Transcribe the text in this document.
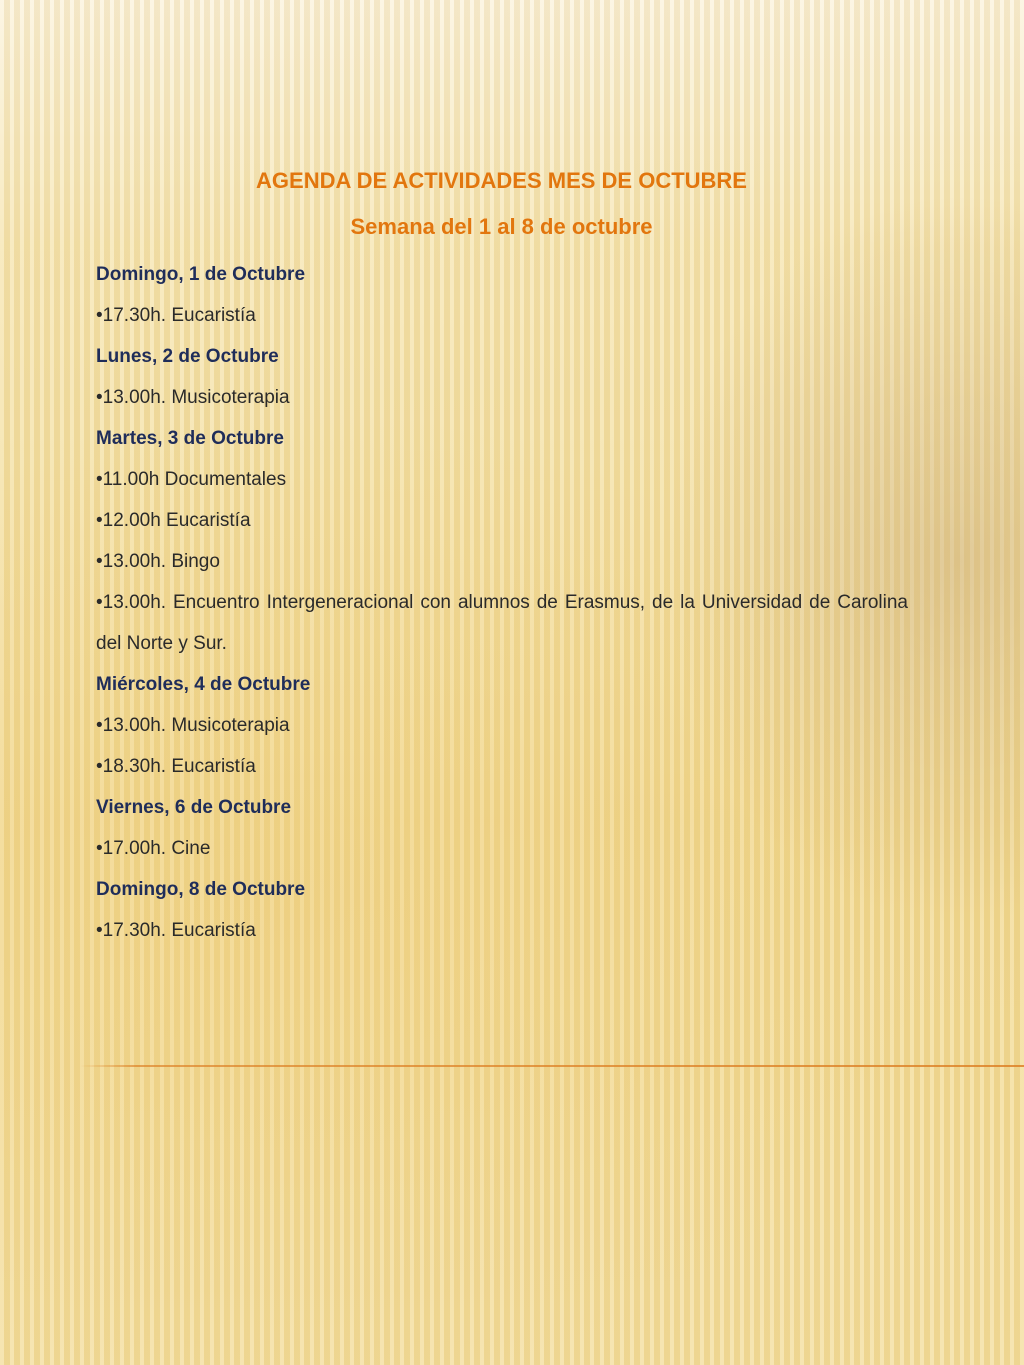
AGENDA DE ACTIVIDADES MES DE OCTUBRE
Semana del 1 al 8 de octubre
Domingo, 1 de Octubre
•17.30h. Eucaristía
Lunes, 2 de Octubre
•13.00h. Musicoterapia
Martes, 3 de Octubre
•11.00h Documentales
•12.00h Eucaristía
•13.00h. Bingo
•13.00h. Encuentro Intergeneracional con alumnos de Erasmus, de la Universidad de Carolina del Norte y Sur.
Miércoles, 4 de Octubre
•13.00h. Musicoterapia
•18.30h. Eucaristía
Viernes, 6 de Octubre
•17.00h. Cine
Domingo, 8 de Octubre
•17.30h. Eucaristía
